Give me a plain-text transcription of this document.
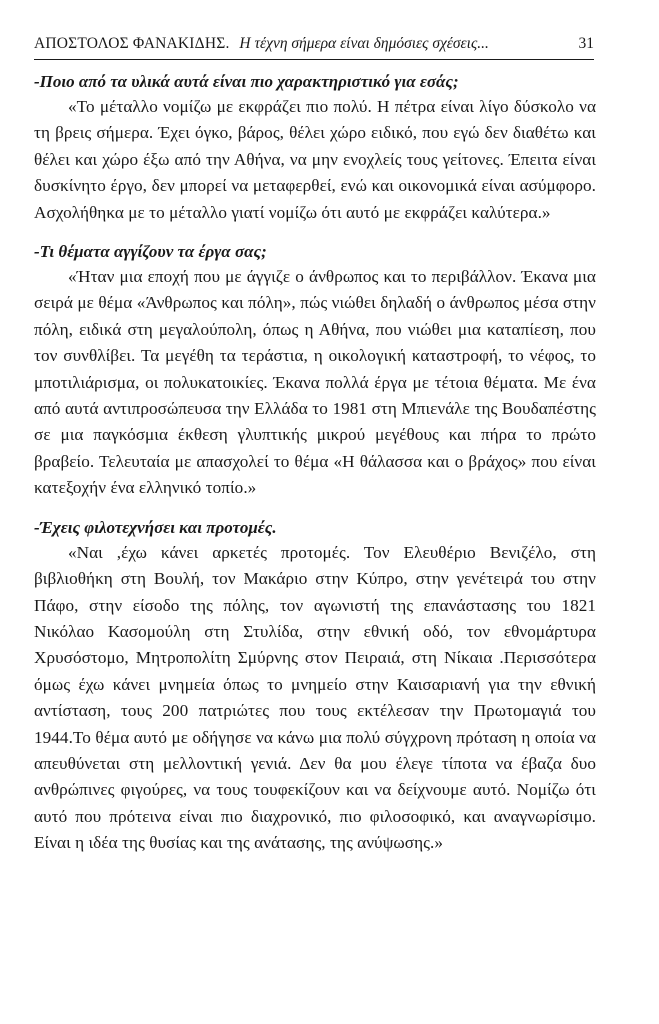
ΑΠΟΣΤΟΛΟΣ ΦΑΝΑΚΙΔΗΣ. Η τέχνη σήμερα είναι δημόσιες σχέσεις...	31

-Ποιο από τα υλικά αυτά είναι πιο χαρακτηριστικό για εσάς;

«Το μέταλλο νομίζω με εκφράζει πιο πολύ. Η πέτρα είναι λίγο δύσκολο να τη βρεις σήμερα. Έχει όγκο, βάρος, θέλει χώρο ειδικό, που εγώ δεν διαθέτω και θέλει και χώρο έξω από την Αθήνα, να μην ενοχλείς τους γείτονες. Έπειτα είναι δυσκίνητο έργο, δεν μπορεί να μεταφερθεί, ενώ και οικονομικά είναι ασύμφορο. Ασχολήθηκα με το μέταλλο γιατί νομίζω ότι αυτό με εκφράζει καλύτερα.»

-Τι θέματα αγγίζουν τα έργα σας;

«Ήταν μια εποχή που με άγγιζε ο άνθρωπος και το περιβάλλον. Έκανα μια σειρά με θέμα «Άνθρωπος και πόλη», πώς νιώθει δηλαδή ο άνθρωπος μέσα στην πόλη, ειδικά στη μεγαλούπολη, όπως η Αθήνα, που νιώθει μια καταπίεση, που τον συνθλίβει. Τα μεγέθη τα τεράστια, η οικολογική καταστροφή, το νέφος, το μποτιλιάρισμα, οι πολυκατοικίες. Έκανα πολλά έργα με τέτοια θέματα. Με ένα από αυτά αντιπροσώπευσα την Ελλάδα το 1981 στη Μπιενάλε της Βουδαπέστης σε μια παγκόσμια έκθεση γλυπτικής μικρού μεγέθους και πήρα το πρώτο βραβείο. Τελευταία με απασχολεί το θέμα «Η θάλασσα και ο βράχος» που είναι κατεξοχήν ένα ελληνικό τοπίο.»

-Έχεις φιλοτεχνήσει και προτομές.

«Ναι ,έχω κάνει αρκετές προτομές. Τον Ελευθέριο Βενιζέλο, στη βιβλιοθήκη στη Βουλή, τον Μακάριο στην Κύπρο, στην γενέτειρά του στην Πάφο, στην είσοδο της πόλης, τον αγωνιστή της επανάστασης του 1821 Νικόλαο Κασομούλη στη Στυλίδα, στην εθνική οδό, τον εθνομάρτυρα Χρυσόστομο, Μητροπολίτη Σμύρνης στον Πειραιά, στη Νίκαια .Περισσότερα όμως έχω κάνει μνημεία όπως το μνημείο στην Καισαριανή για την εθνική αντίσταση, τους 200 πατριώτες που τους εκτέλεσαν την Πρωτομαγιά του 1944.Το θέμα αυτό με οδήγησε να κάνω μια πολύ σύγχρονη πρόταση η οποία να απευθύνεται στη μελλοντική γενιά. Δεν θα μου έλεγε τίποτα να έβαζα δυο ανθρώπινες φιγούρες, να τους τουφεκίζουν και να δείχνουμε αυτό. Νομίζω ότι αυτό που πρότεινα είναι πιο διαχρονικό, πιο φιλοσοφικό, και αναγνωρίσιμο. Είναι η ιδέα της θυσίας και της ανάτασης, της ανύψωσης.»
